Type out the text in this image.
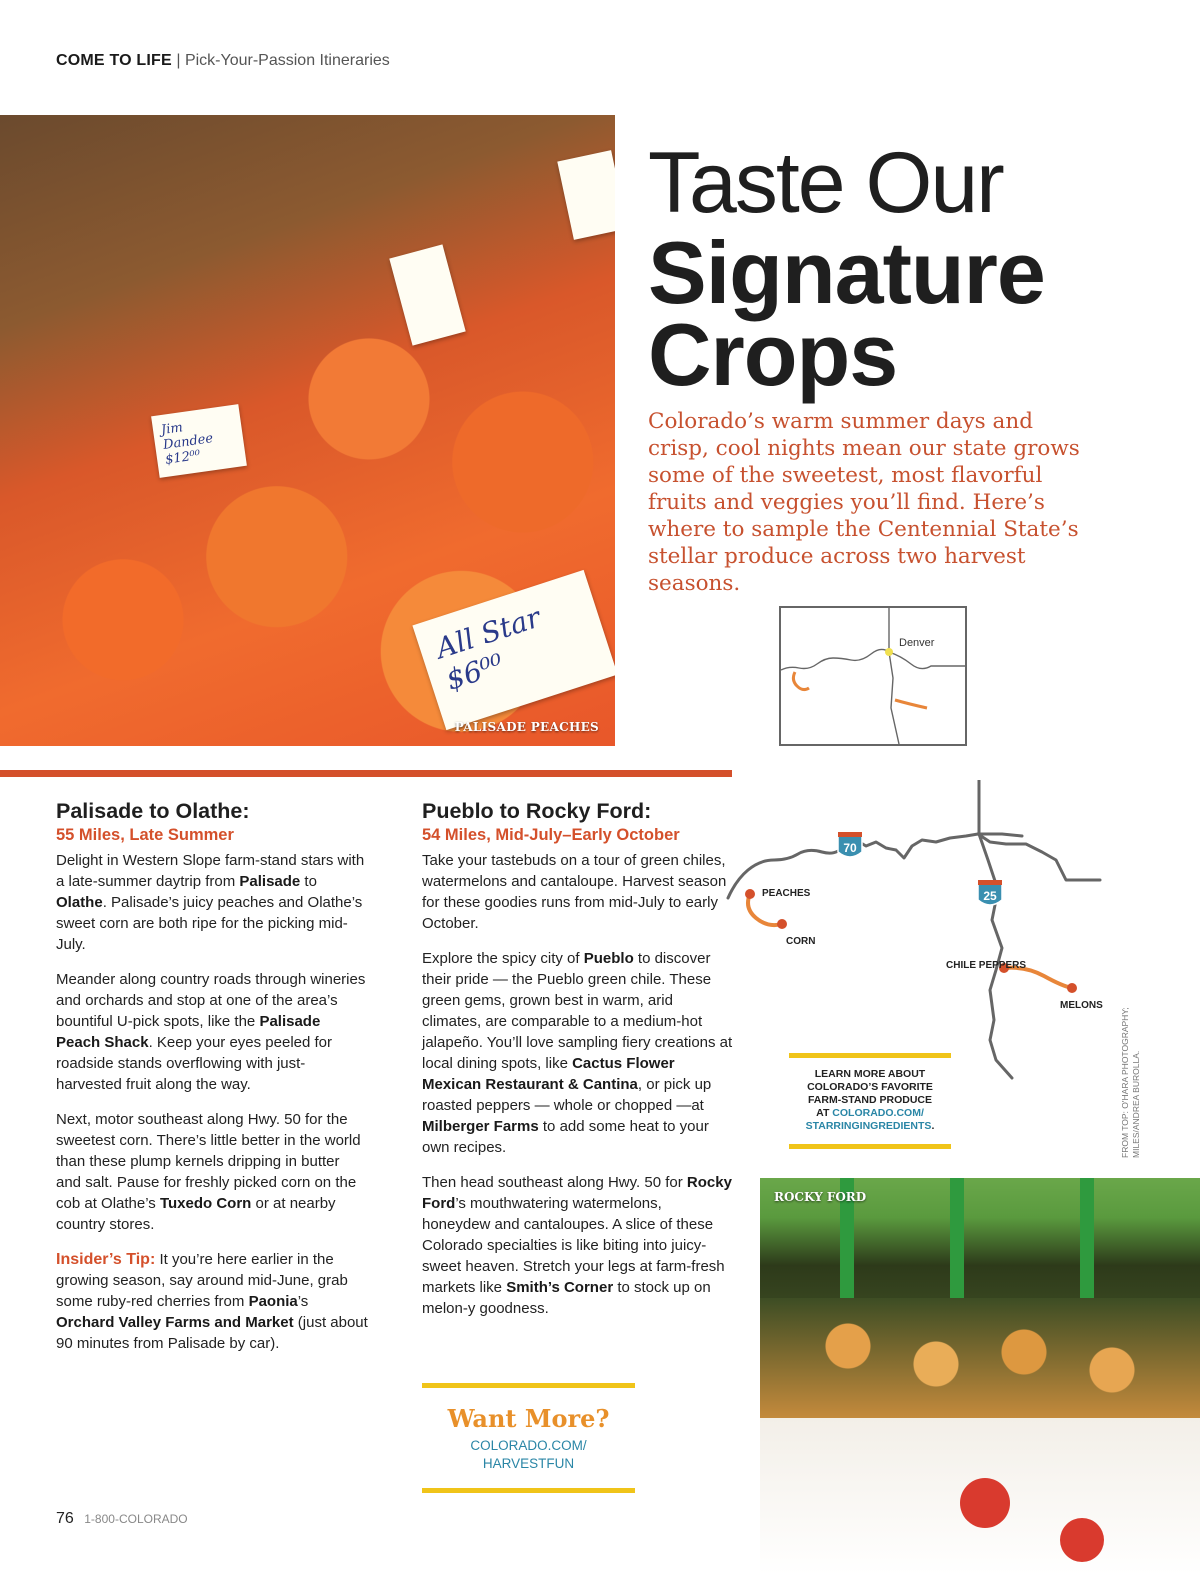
COME TO LIFE | Pick-Your-Passion Itineraries
All Star $6⁰⁰
Jim Dandee $12⁰⁰
PALISADE PEACHES
Taste Our
Signature
Crops
Colorado’s warm summer days and crisp, cool nights mean our state grows some of the sweetest, most flavorful fruits and veggies you’ll find. Here’s where to sample the Centennial State’s stellar produce across two harvest seasons.
Denver
Palisade to Olathe:
55 Miles, Late Summer

Delight in Western Slope farm-stand stars with a late-summer daytrip from Palisade to Olathe. Palisade’s juicy peaches and Olathe’s sweet corn are both ripe for the picking mid-July.

Meander along country roads through wineries and orchards and stop at one of the area’s bountiful U-pick spots, like the Palisade Peach Shack. Keep your eyes peeled for roadside stands overflowing with just-harvested fruit along the way.

Next, motor southeast along Hwy. 50 for the sweetest corn. There’s little better in the world than these plump kernels dripping in butter and salt. Pause for freshly picked corn on the cob at Olathe’s Tuxedo Corn or at nearby country stores.

Insider’s Tip: It you’re here earlier in the growing season, say around mid-June, grab some ruby-red cherries from Paonia’s Orchard Valley Farms and Market (just about 90 minutes from Palisade by car).

Pueblo to Rocky Ford:
54 Miles, Mid-July–Early October

Take your tastebuds on a tour of green chiles, watermelons and cantaloupe. Harvest season for these goodies runs from mid-July to early October.

Explore the spicy city of Pueblo to discover their pride — the Pueblo green chile. These green gems, grown best in warm, arid climates, are comparable to a medium-hot jalapeño. You’ll love sampling fiery creations at local dining spots, like Cactus Flower Mexican Restaurant & Cantina, or pick up roasted peppers — whole or chopped —at Milberger Farms to add some heat to your own recipes.

Then head southeast along Hwy. 50 for Rocky Ford’s mouthwatering watermelons, honeydew and cantaloupes. A slice of these Colorado specialties is like biting into juicy-sweet heaven. Stretch your legs at farm-fresh markets like Smith’s Corner to stock up on melon-y goodness.

Want More?
COLORADO.COM/
HARVESTFUN
PEACHES
CORN
CHILE PEPPERS
MELONS
70
25
LEARN MORE ABOUT
COLORADO’S FAVORITE
FARM-STAND PRODUCE
AT COLORADO.COM/
STARRINGINGREDIENTS.	FROM TOP: O'HARA PHOTOGRAPHY; MILES/ANDREA BUROLLA.
ROCKY FORD
76 1-800-COLORADO
